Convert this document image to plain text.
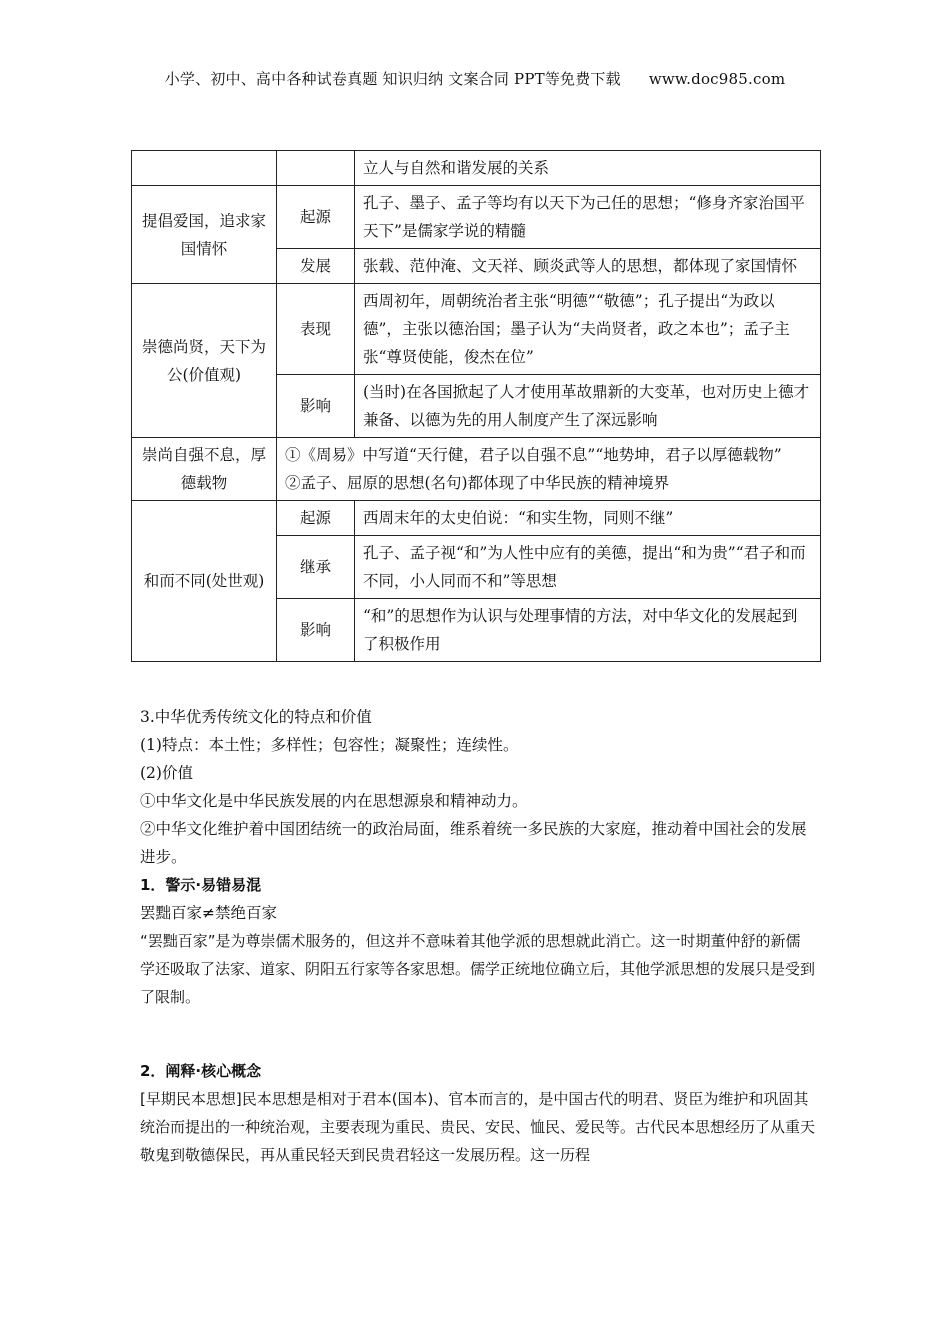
小学、初中、高中各种试卷真题 知识归纳 文案合同 PPT等免费下载 www.doc985.com
		立人与自然和谐发展的关系
提倡爱国，追求家国情怀	起源	孔子、墨子、孟子等均有以天下为己任的思想；“修身齐家治国平天下”是儒家学说的精髓
	发展	张载、范仲淹、文天祥、顾炎武等人的思想，都体现了家国情怀
崇德尚贤，天下为公(价值观)	表现	西周初年，周朝统治者主张“明德”“敬德”；孔子提出“为政以德”，主张以德治国；墨子认为“夫尚贤者，政之本也”；孟子主张“尊贤使能，俊杰在位”
	影响	(当时)在各国掀起了人才使用革故鼎新的大变革，也对历史上德才兼备、以德为先的用人制度产生了深远影响
崇尚自强不息，厚德载物	①《周易》中写道“天行健，君子以自强不息”“地势坤，君子以厚德载物”
②孟子、屈原的思想(名句)都体现了中华民族的精神境界	

和而不同(处世观)	起源	西周末年的太史伯说：“和实生物，同则不继”
	继承	孔子、孟子视“和”为人性中应有的美德，提出“和为贵”“君子和而不同，小人同而不和”等思想
	影响	“和”的思想作为认识与处理事情的方法，对中华文化的发展起到了积极作用

3.中华优秀传统文化的特点和价值

(1)特点：本土性；多样性；包容性；凝聚性；连续性。

(2)价值

①中华文化是中华民族发展的内在思想源泉和精神动力。

②中华文化维护着中国团结统一的政治局面，维系着统一多民族的大家庭，推动着中国社会的发展进步。

1．警示·易错易混

罢黜百家≠禁绝百家

“罢黜百家”是为尊崇儒术服务的，但这并不意味着其他学派的思想就此消亡。这一时期董仲舒的新儒学还吸取了法家、道家、阴阳五行家等各家思想。儒学正统地位确立后，其他学派思想的发展只是受到了限制。

2．阐释·核心概念

[早期民本思想]民本思想是相对于君本(国本)、官本而言的，是中国古代的明君、贤臣为维护和巩固其统治而提出的一种统治观，主要表现为重民、贵民、安民、恤民、爱民等。古代民本思想经历了从重天敬鬼到敬德保民，再从重民轻天到民贵君轻这一发展历程。这一历程
